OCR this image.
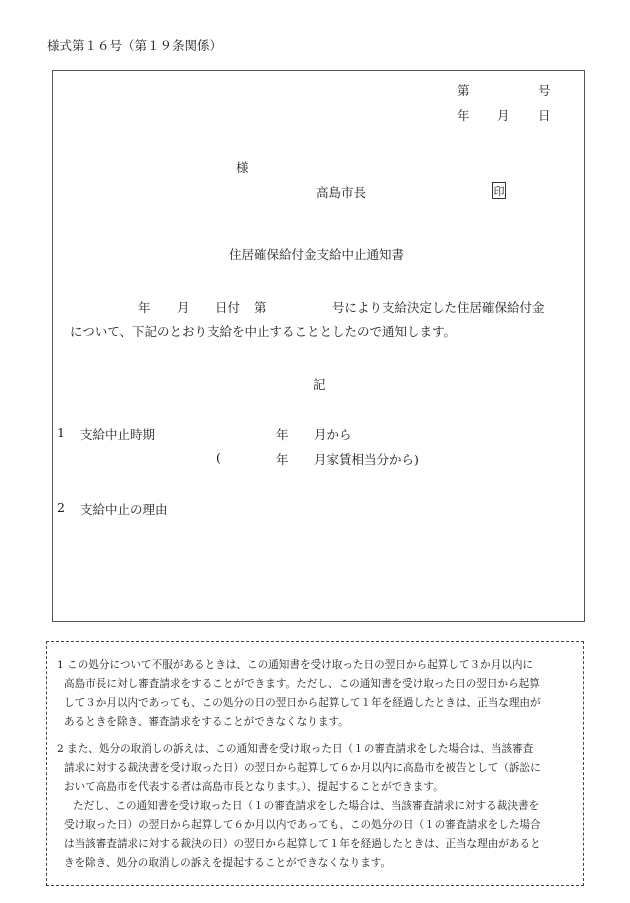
様式第１６号（第１９条関係）
第	号
年 月 日
様
高島市長	印
住居確保給付金支給中止通知書
年 月 日付 第	号により支給決定した住居確保給付金
について、下記のとおり支給を中止することとしたので通知します。
記
1 支給中止時期	年 月から
(	年 月家賃相当分から)
2 支給中止の理由
1 この処分について不服があるときは、この通知書を受け取った日の翌日から起算して３か月以内に
高島市長に対し審査請求をすることができます。ただし、この通知書を受け取った日の翌日から起算
して３か月以内であっても、この処分の日の翌日から起算して１年を経過したときは、正当な理由が
あるときを除き、審査請求をすることができなくなります。
2 また、処分の取消しの訴えは、この通知書を受け取った日（１の審査請求をした場合は、当該審査
請求に対する裁決書を受け取った日）の翌日から起算して６か月以内に高島市を被告として（訴訟に
おいて高島市を代表する者は高島市長となります。）、提起することができます。
ただし、この通知書を受け取った日（１の審査請求をした場合は、当該審査請求に対する裁決書を
受け取った日）の翌日から起算して６か月以内であっても、この処分の日（１の審査請求をした場合
は当該審査請求に対する裁決の日）の翌日から起算して１年を経過したときは、正当な理由があると
きを除き、処分の取消しの訴えを提起することができなくなります。
